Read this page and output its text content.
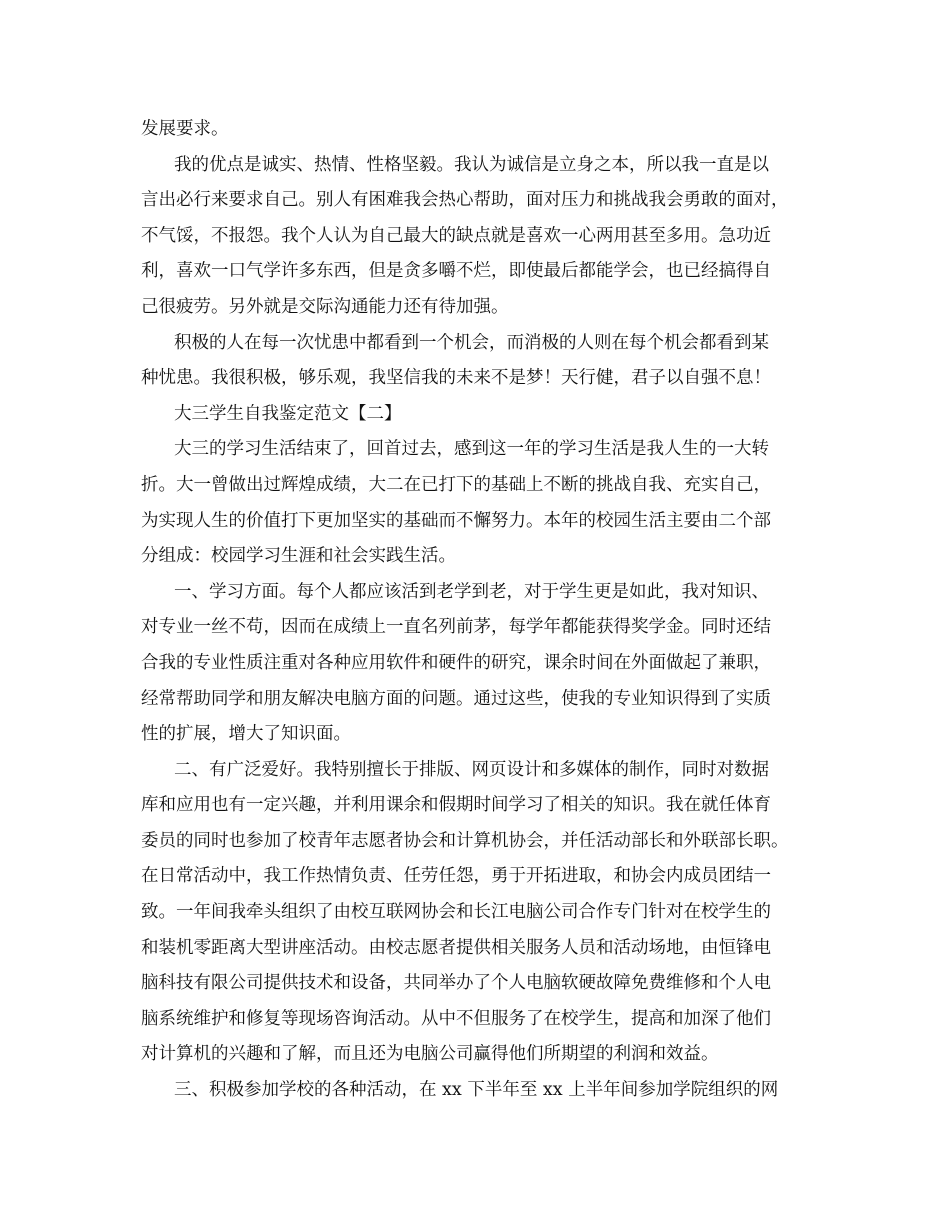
发展要求。
我的优点是诚实、热情、性格坚毅。我认为诚信是立身之本，所以我一直是以
言出必行来要求自己。别人有困难我会热心帮助，面对压力和挑战我会勇敢的面对，
不气馁，不报怨。我个人认为自己最大的缺点就是喜欢一心两用甚至多用。急功近
利，喜欢一口气学许多东西，但是贪多嚼不烂，即使最后都能学会，也已经搞得自
己很疲劳。另外就是交际沟通能力还有待加强。
积极的人在每一次忧患中都看到一个机会，而消极的人则在每个机会都看到某
种忧患。我很积极，够乐观，我坚信我的未来不是梦！天行健，君子以自强不息！
大三学生自我鉴定范文【二】
大三的学习生活结束了，回首过去，感到这一年的学习生活是我人生的一大转
折。大一曾做出过辉煌成绩，大二在已打下的基础上不断的挑战自我、充实自己，
为实现人生的价值打下更加坚实的基础而不懈努力。本年的校园生活主要由二个部
分组成：校园学习生涯和社会实践生活。
一、学习方面。每个人都应该活到老学到老，对于学生更是如此，我对知识、
对专业一丝不苟，因而在成绩上一直名列前茅，每学年都能获得奖学金。同时还结
合我的专业性质注重对各种应用软件和硬件的研究，课余时间在外面做起了兼职，
经常帮助同学和朋友解决电脑方面的问题。通过这些，使我的专业知识得到了实质
性的扩展，增大了知识面。
二、有广泛爱好。我特别擅长于排版、网页设计和多媒体的制作，同时对数据
库和应用也有一定兴趣，并利用课余和假期时间学习了相关的知识。我在就任体育
委员的同时也参加了校青年志愿者协会和计算机协会，并任活动部长和外联部长职。
在日常活动中，我工作热情负责、任劳任怨，勇于开拓进取，和协会内成员团结一
致。一年间我牵头组织了由校互联网协会和长江电脑公司合作专门针对在校学生的
和装机零距离大型讲座活动。由校志愿者提供相关服务人员和活动场地，由恒锋电
脑科技有限公司提供技术和设备，共同举办了个人电脑软硬故障免费维修和个人电
脑系统维护和修复等现场咨询活动。从中不但服务了在校学生，提高和加深了他们
对计算机的兴趣和了解，而且还为电脑公司赢得他们所期望的利润和效益。
三、积极参加学校的各种活动，在 xx 下半年至 xx 上半年间参加学院组织的网
